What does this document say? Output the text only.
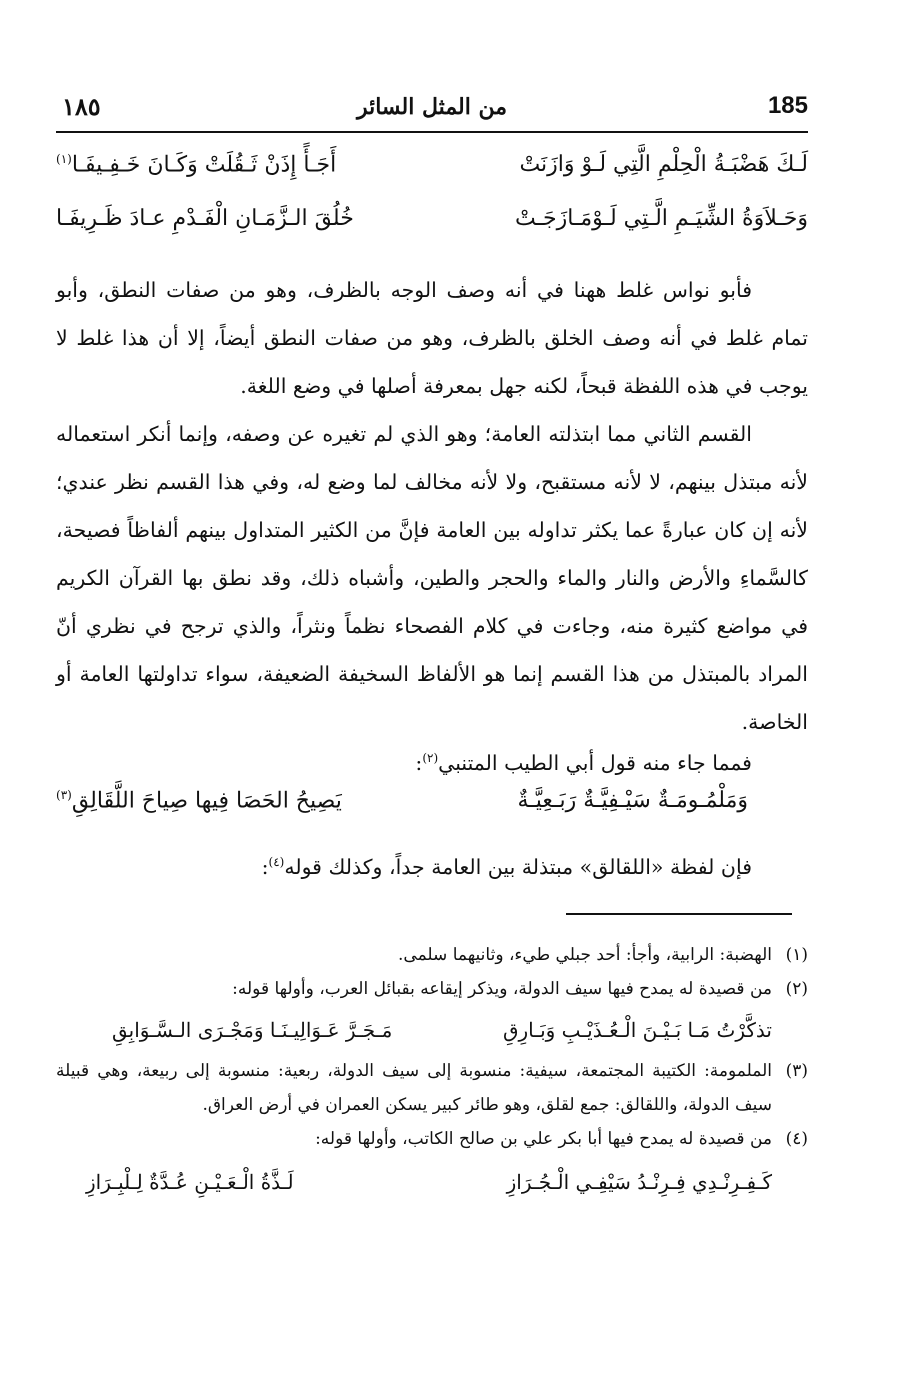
185
من المثل السائر
١٨٥
لَـكَ هَضْبَـةُ الْحِلْمِ الَّتِي لَـوْ وَازَنَتْ
أَجَـأً إِذَنْ ثَـقُلَتْ وَكَـانَ خَـفِـيفَـا$^{(١)}$
وَحَـلاَوَةُ الشِّيَـمِ الَّـتِي لَـوْمَـازَجَـتْ
خُلُقَ الـزَّمَـانِ الْفَـدْمِ عـادَ ظَـرِيفَـا
فأبو نواس غلط ههنا في أنه وصف الوجه بالظرف، وهو من صفات النطق، وأبو تمام غلط في أنه وصف الخلق بالظرف، وهو من صفات النطق أيضاً، إلا أن هذا غلط لا يوجب في هذه اللفظة قبحاً، لكنه جهل بمعرفة أصلها في وضع اللغة.
القسم الثاني مما ابتذلته العامة؛ وهو الذي لم تغيره عن وصفه، وإنما أنكر استعماله لأنه مبتذل بينهم، لا لأنه مستقبح، ولا لأنه مخالف لما وضع له، وفي هذا القسم نظر عندي؛ لأنه إن كان عبارةً عما يكثر تداوله بين العامة فإنَّ من الكثير المتداول بينهم ألفاظاً فصيحة، كالسَّماءِ والأرض والنار والماء والحجر والطين، وأشباه ذلك، وقد نطق بها القرآن الكريم في مواضع كثيرة منه، وجاءت في كلام الفصحاء نظماً ونثراً، والذي ترجح في نظري أنّ المراد بالمبتذل من هذا القسم إنما هو الألفاظ السخيفة الضعيفة، سواء تداولتها العامة أو الخاصة.
فمما جاء منه قول أبي الطيب المتنبي$^{(٢)}$:
وَمَلْمُـومَـةٌ سَيْـفِيَّـةٌ رَبَـعِيَّـةٌ
يَصِيحُ الحَصَا فِيها صِياحَ اللَّقَالِقِ$^{(٣)}$
فإن لفظة «اللقالق» مبتذلة بين العامة جداً، وكذلك قوله$^{(٤)}$:
(١)الهضبة: الرابية، وأجأ: أحد جبلي طيء، وثانيهما سلمى.
(٢)من قصيدة له يمدح فيها سيف الدولة، ويذكر إيقاعه بقبائل العرب، وأولها قوله:
تذكَّرْتُ مَـا بَـيْـنَ الْـعُـذَيْـبِ وَبَـارِقِ
مَـجَـرَّ عَـوَالِيـنَـا وَمَجْـرَى الـسَّـوَابِقِ
(٣)الملمومة: الكتيبة المجتمعة، سيفية: منسوبة إلى سيف الدولة، ربعية: منسوبة إلى ربيعة، وهي قبيلة سيف الدولة، واللقالق: جمع لقلق، وهو طائر كبير يسكن العمران في أرض العراق.
(٤)من قصيدة له يمدح فيها أبا بكر علي بن صالح الكاتب، وأولها قوله:
كَـفِـرِنْـدِي فِـرِنْـدُ سَيْفِـي الْـجُـرَازِ
لَـذَّةُ الْـعَـيْـنِ عُـدَّةٌ لِـلْبِـرَازِ
